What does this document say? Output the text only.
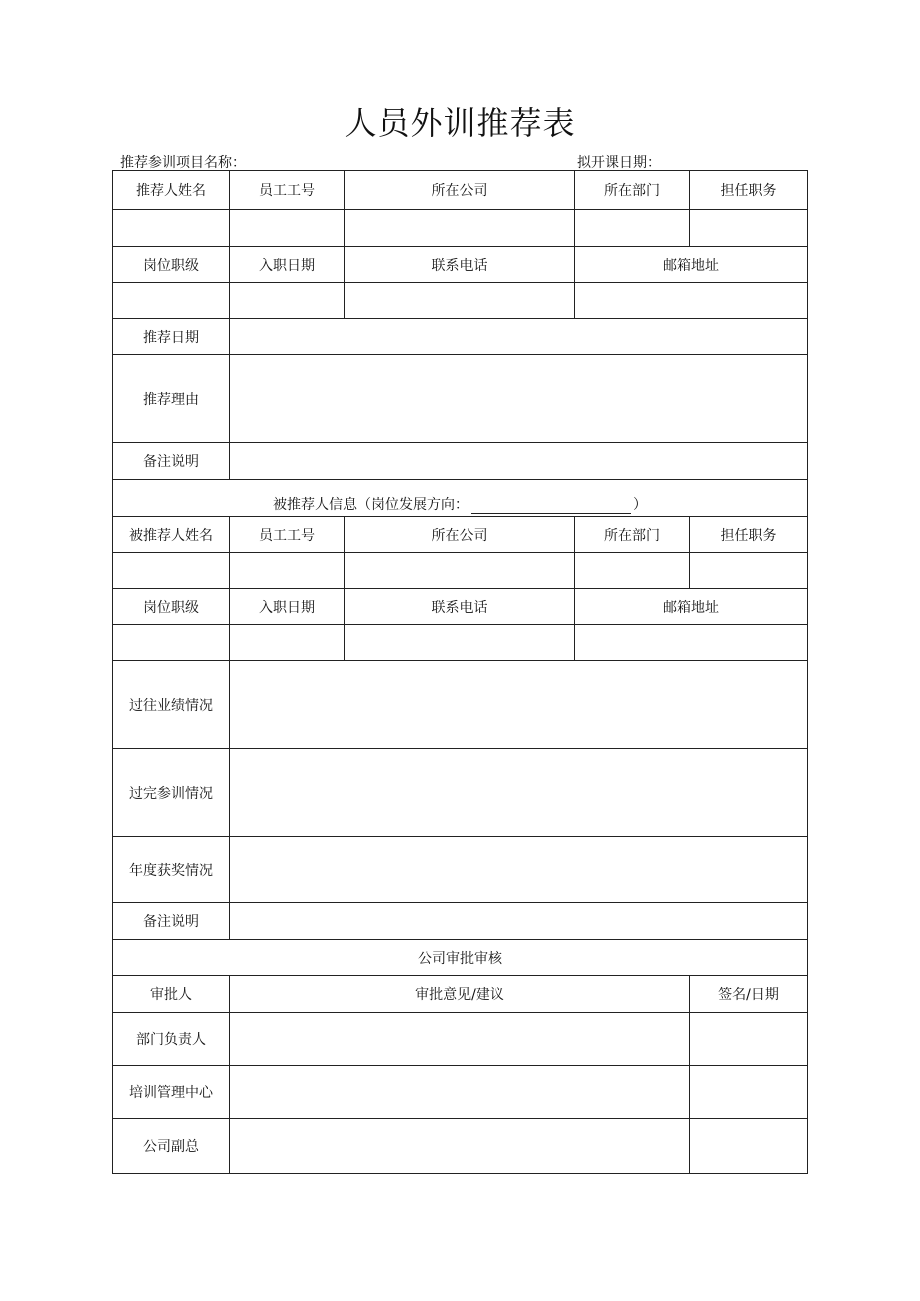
人员外训推荐表
推荐参训项目名称：	拟开课日期：
推荐人姓名	员工工号	所在公司	所在部门	担任职务

岗位职级	入职日期	联系电话	邮箱地址	

推荐日期				
推荐理由				
备注说明				
被推荐人信息（岗位发展方向： ）				
被推荐人姓名	员工工号	所在公司	所在部门	担任职务

岗位职级	入职日期	联系电话	邮箱地址	

过往业绩情况				
过完参训情况				
年度获奖情况				
备注说明				
公司审批审核				
审批人	审批意见/建议			签名/日期
部门负责人				
培训管理中心				
公司副总				
